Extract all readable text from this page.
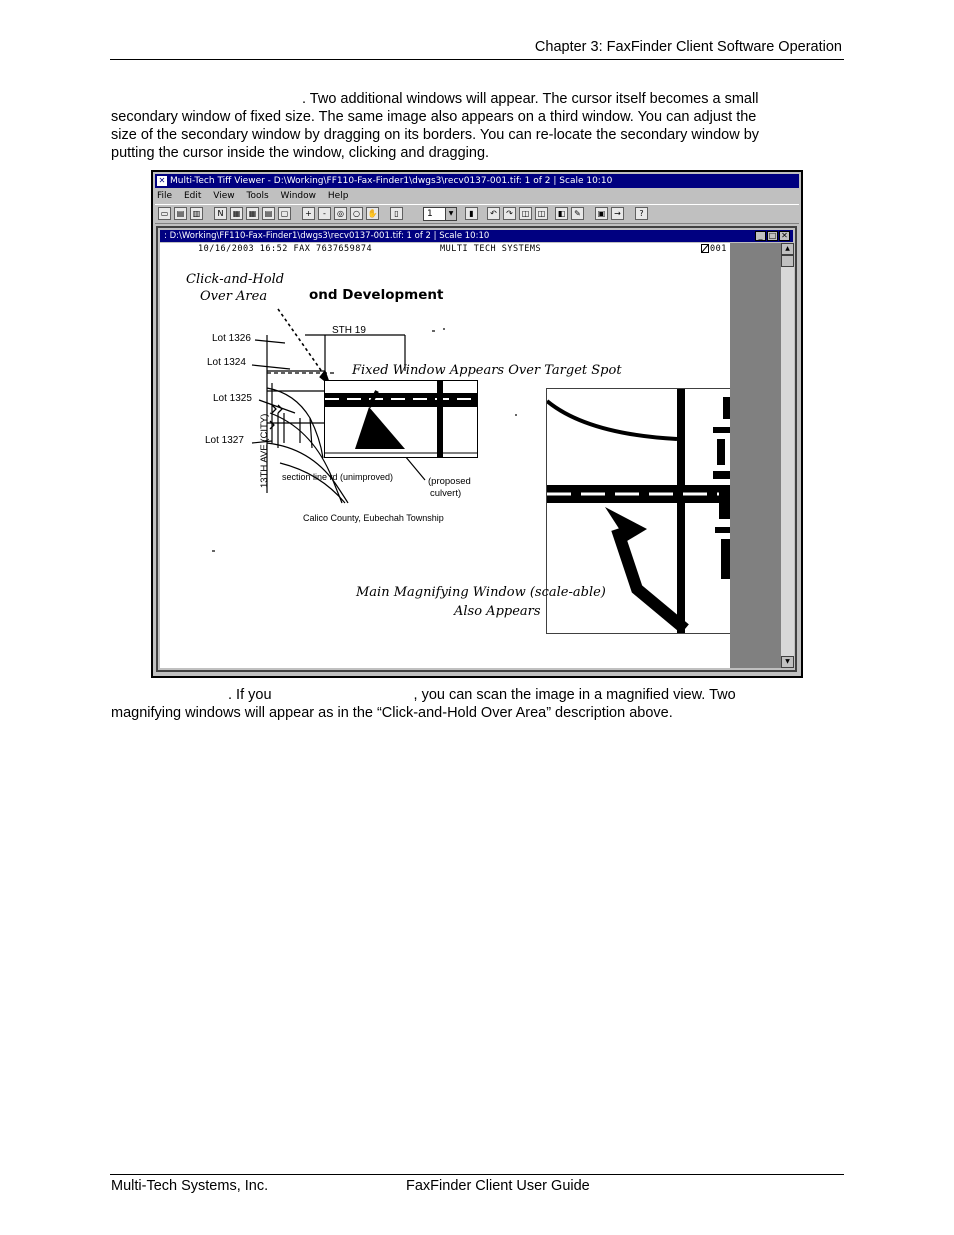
Chapter 3: FaxFinder Client Software Operation
. Two additional windows will appear. The cursor itself becomes a small
secondary window of fixed size. The same image also appears on a third window. You can adjust the
size of the secondary window by dragging on its borders. You can re-locate the secondary window by
putting the cursor inside the window, clicking and dragging.
✕ Multi-Tech Tiff Viewer - D:\Working\FF110-Fax-Finder1\dwgs3\recv0137-001.tif: 1 of 2 | Scale 10:10
File Edit View Tools Window Help
▭	▤	▥	N	▦	▦	▤	▢	+	-	◎	○ ✋	▯	1	▼	▮	↶	↷	◫	◫	◧	✎	▣	→	?
: D:\Working\FF110-Fax-Finder1\dwgs3\recv0137-001.tif: 1 of 2 | Scale 10:10	_ □ ✕
10/16/2003 16:52 FAX 7637659874	MULTI TECH SYSTEMS	001
ond Development
STH 19
Lot 1326
Lot 1324
Lot 1325
Lot 1327 13TH AVE (CITY) section line rd (unimproved)	(proposed
culvert)
Calico County, Eubechah Township
Click-and-Hold
Over Area
Fixed Window Appears Over Target Spot
Main Magnifying Window (scale-able)
Also Appears
▲
▼
. If you	, you can scan the image in a magnified view. Two
magnifying windows will appear as in the “Click-and-Hold Over Area” description above.
Multi-Tech Systems, Inc.	FaxFinder Client User Guide
